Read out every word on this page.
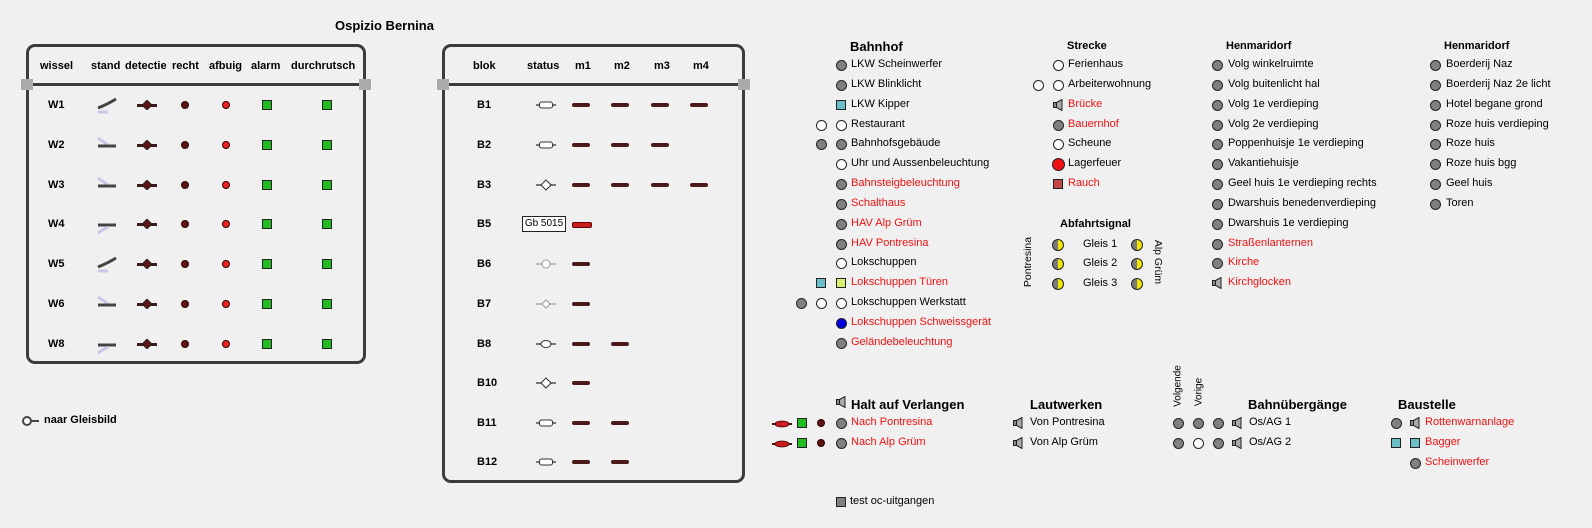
Ospizio Bernina
wissel stand detectie recht afbuig alarm durchrutsch
W1
W2
W3
W4
W5
W6
W8
blok	status m1 m2 m3 m4
B1
B2
B3
B5	Gb 5015
B6
B7
B8
B10
B11
B12
naar Gleisbild
Bahnhof	Strecke	Henmaridorf	Henmaridorf
Abfahrtsignal
LKW Scheinwerfer
LKW Blinklicht
LKW Kipper
Restaurant
Bahnhofsgebäude
Uhr und Aussenbeleuchtung
Bahnsteigbeleuchtung
Schalthaus
HAV Alp Grüm
HAV Pontresina
Lokschuppen
Lokschuppen Türen
Lokschuppen Werkstatt
Lokschuppen Schweissgerät
Geländebeleuchtung
Ferienhaus
Arbeiterwohnung
Brücke
Bauernhof
Scheune
Lagerfeuer
Rauch
Volg winkelruimte
Volg buitenlicht hal
Volg 1e verdieping
Volg 2e verdieping
Poppenhuisje 1e verdieping
Vakantiehuisje
Geel huis 1e verdieping rechts
Dwarshuis benedenverdieping
Dwarshuis 1e verdieping
Straßenlanternen
Kirche
Kirchglocken
Boerderij Naz
Boerderij Naz 2e licht
Hotel begane grond
Roze huis verdieping
Roze huis
Roze huis bgg
Geel huis
Toren
Pontresina	Alp Grüm
Gleis 1
Gleis 2
Gleis 3
Halt auf Verlangen	Lautwerken	Bahnübergänge	Baustelle
Volgende Vorige
Nach Pontresina
Nach Alp Grüm
Von Pontresina
Von Alp Grüm
Os/AG 1
Os/AG 2
Rottenwarnanlage
Bagger
Scheinwerfer
test oc-uitgangen
